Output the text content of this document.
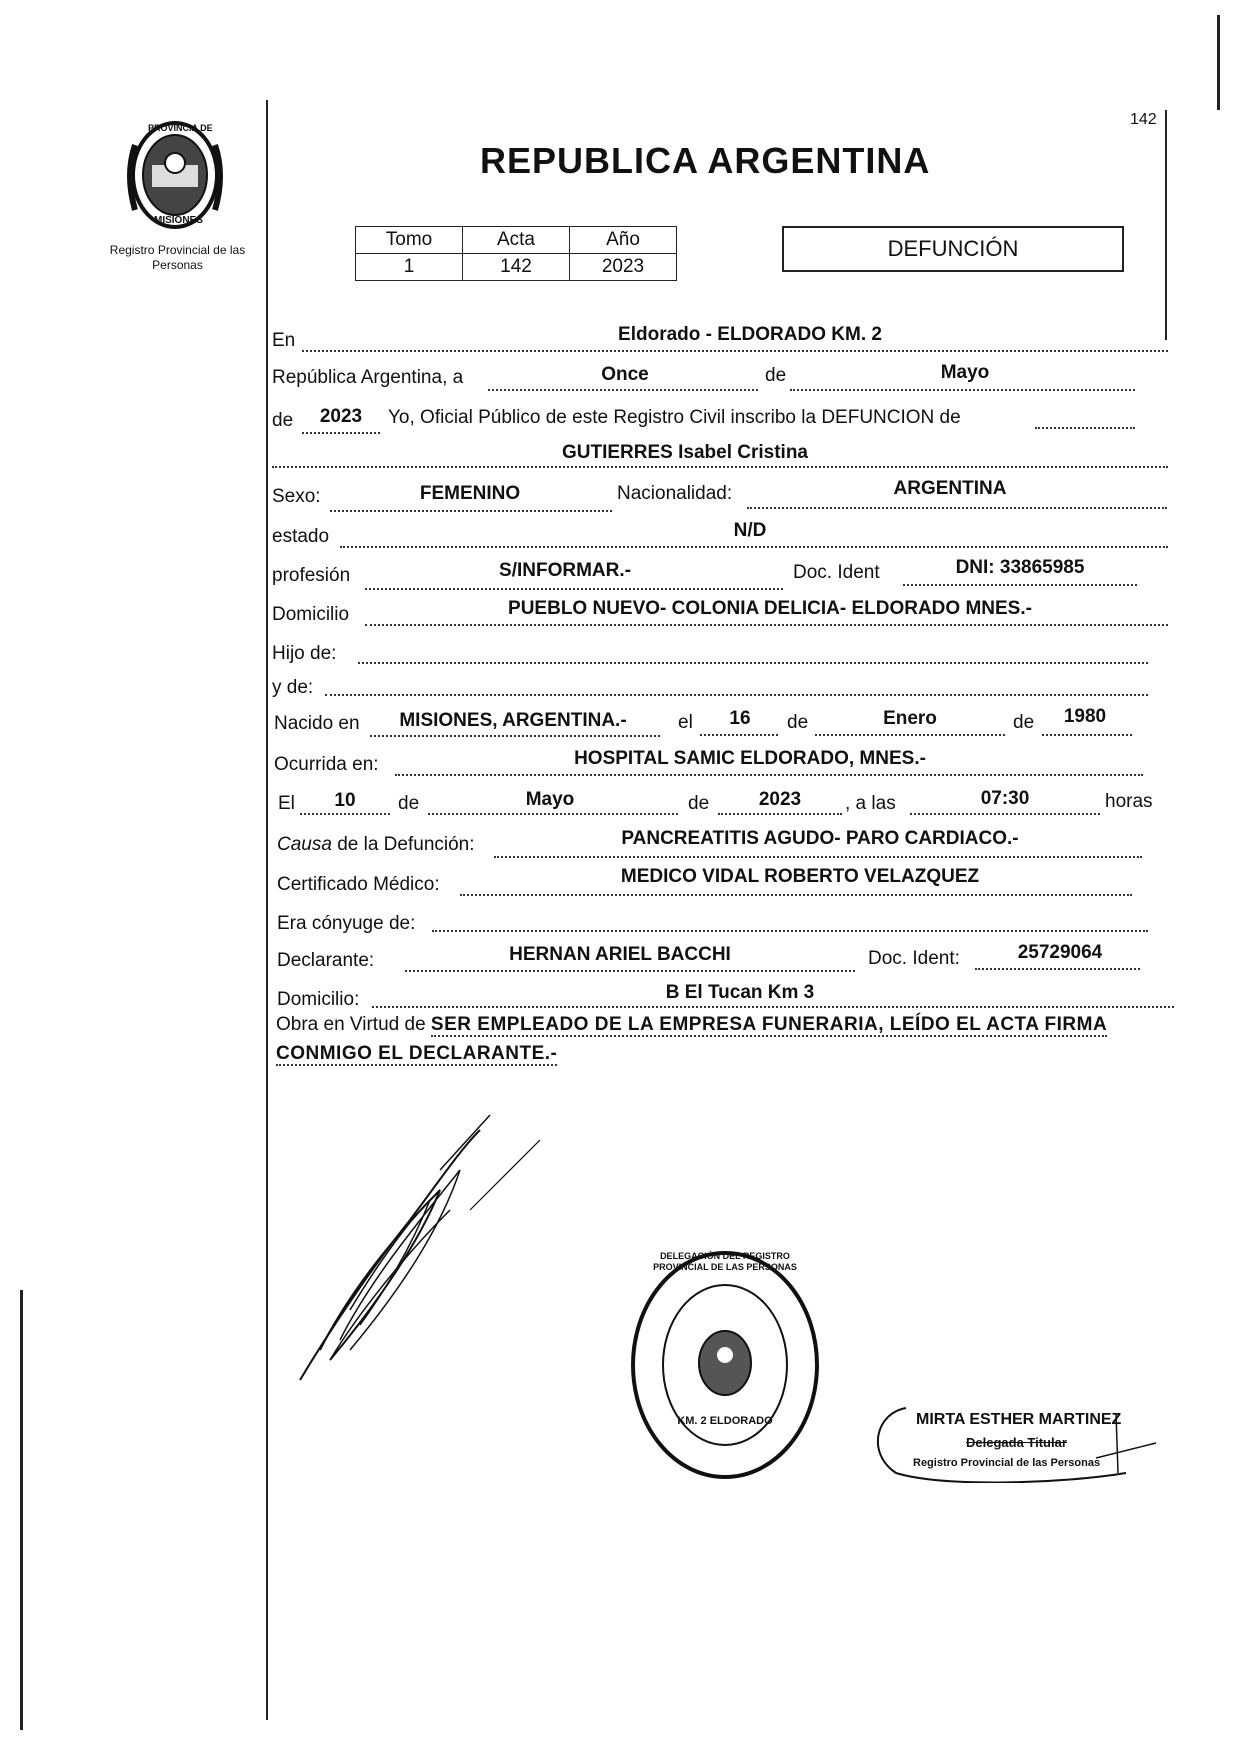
PROVINCIA DE
MISIONES
Registro Provincial de las Personas
142
REPUBLICA ARGENTINA
Tomo	Acta	Año
1	142	2023
DEFUNCIÓN
En	Eldorado - ELDORADO KM. 2
República Argentina, a	Once	de	Mayo
de	2023	Yo, Oficial Público de este Registro Civil inscribo la DEFUNCION de
GUTIERRES Isabel Cristina
Sexo:	FEMENINO	Nacionalidad:	ARGENTINA
estado	N/D
profesión	S/INFORMAR.-	Doc. Ident	DNI: 33865985
Domicilio	PUEBLO NUEVO- COLONIA DELICIA- ELDORADO MNES.-
Hijo de:
y de:
Nacido en	MISIONES, ARGENTINA.-	el	16	de	Enero	de	1980
Ocurrida en:	HOSPITAL SAMIC ELDORADO, MNES.-
El	10	de	Mayo	de	2023	, a las	07:30	horas
Causa de la Defunción:	PANCREATITIS AGUDO- PARO CARDIACO.-
Certificado Médico:	MEDICO VIDAL ROBERTO VELAZQUEZ
Era cónyuge de:
Declarante:	HERNAN ARIEL BACCHI	Doc. Ident:	25729064
Domicilio:	B El Tucan Km 3
Obra en Virtud de SER EMPLEADO DE LA EMPRESA FUNERARIA, LEÍDO EL ACTA FIRMA CONMIGO EL DECLARANTE.-
DELEGACIÓN DEL REGISTRO PROVINCIAL DE LAS PERSONAS
KM. 2 ELDORADO	MIRTA ESTHER MARTINEZ
Delegada Titular
Registro Provincial de las Personas
